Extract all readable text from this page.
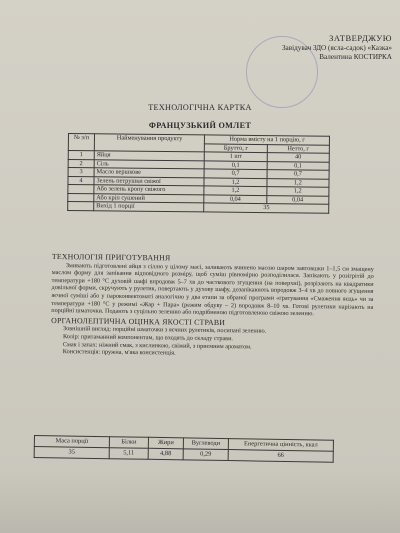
ЗАТВЕРДЖУЮ
Завідувач ЗДО (ясла-садок) «Казка»
Валентина КОСТИРКА
ТЕХНОЛОГІЧНА КАРТКА
ФРАНЦУЗЬКИЙ ОМЛЕТ
№ з/п	Найменування продукту	Норма вмісту на 1 порцію, г	
		Брутто, г	Нетто, г
1	Яйця	1 шт	40
2	Сіль	0,1	0,1
3	Масло вершкове	0,7	0,7
4	Зелень петрушки свіжої	1,2	1,2
	Або зелень кропу свіжого	1,2	1,2
	Або кріп сушений	0,04	0,04
	Вихід 1 порції	35	
ТЕХНОЛОГІЯ ПРИГОТУВАННЯ

Змивають підготовлені яйця з сіллю у цілому масі, заливають вчинено масою шаром завтовшки 1–1,5 см змащену маслом форму для запікання відповідного розміру, щоб суміш рівномірно розподілилася. Запікають у розігрітій до температури +180 °С духовій шафі впродовж 5–7 хв до часткового згущення (на поверхні), розрізають на квадратики довільної форми, скручують у рулетик, повертають у духову шафу, дозапікаюють впродовж 3–4 хв до повного згущення яєчної суміші або у пароконвектоматі аналогічно у два етапи за обраної програми «гратування «Смаження яєць» чи за температури +180 °С у режимі «Жар + Пара» (режим обдуву – 2) впродовж 8–10 хв. Готові рулетики нарізають на порційні шматочки. Подають з суцільно зеленню або подрібненою підготовленою свіжою зеленню.

ОРГАНОЛЕПТИЧНА ОЦІНКА ЯКОСТІ СТРАВИ

Зовнішній вигляд: порційні шматочки з яєчних рулетиків, посипані зеленню.

Колір: притаманний компонентам, що входять до складу страви.

Смак і запах: ніжний смак, з кислинкою, свіжий, з приємним ароматом.

Консистенція: пружна, м'яка консистенція.

Маса порції	Білки	Жири	Вуглеводи	Енергетична цінність, ккал
35	5,11	4,88	0,29	66
